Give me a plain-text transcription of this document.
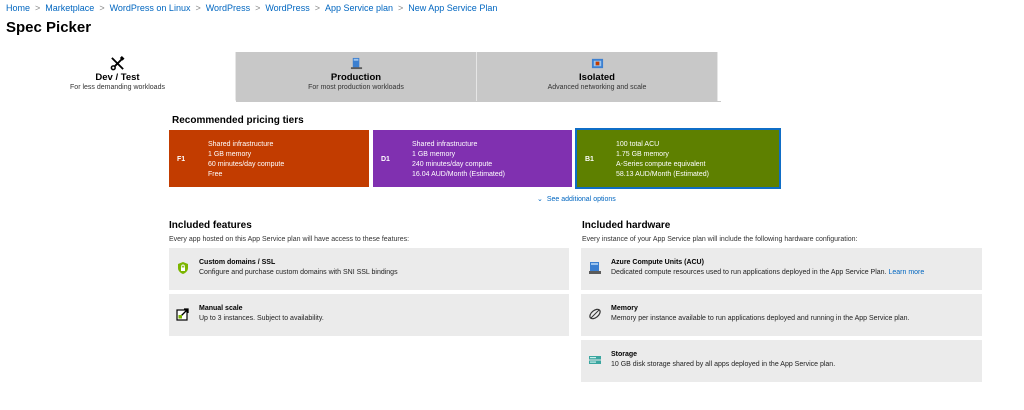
Home > Marketplace > WordPress on Linux > WordPress > WordPress > App Service plan > New App Service Plan
Spec Picker
Dev / Test
For less demanding workloads
Production
For most production workloads
Isolated
Advanced networking and scale
Recommended pricing tiers
F1
Shared infrastructure
1 GB memory
60 minutes/day compute
Free
D1
Shared infrastructure
1 GB memory
240 minutes/day compute
16.04 AUD/Month (Estimated)
B1
100 total ACU
1.75 GB memory
A-Series compute equivalent
58.13 AUD/Month (Estimated)
⌄ See additional options
Included features
Every app hosted on this App Service plan will have access to these features:
Custom domains / SSL
Configure and purchase custom domains with SNI SSL bindings
Manual scale
Up to 3 instances. Subject to availability.
Included hardware
Every instance of your App Service plan will include the following hardware configuration:
Azure Compute Units (ACU)
Dedicated compute resources used to run applications deployed in the App Service Plan. Learn more
Memory
Memory per instance available to run applications deployed and running in the App Service plan.
Storage
10 GB disk storage shared by all apps deployed in the App Service plan.
